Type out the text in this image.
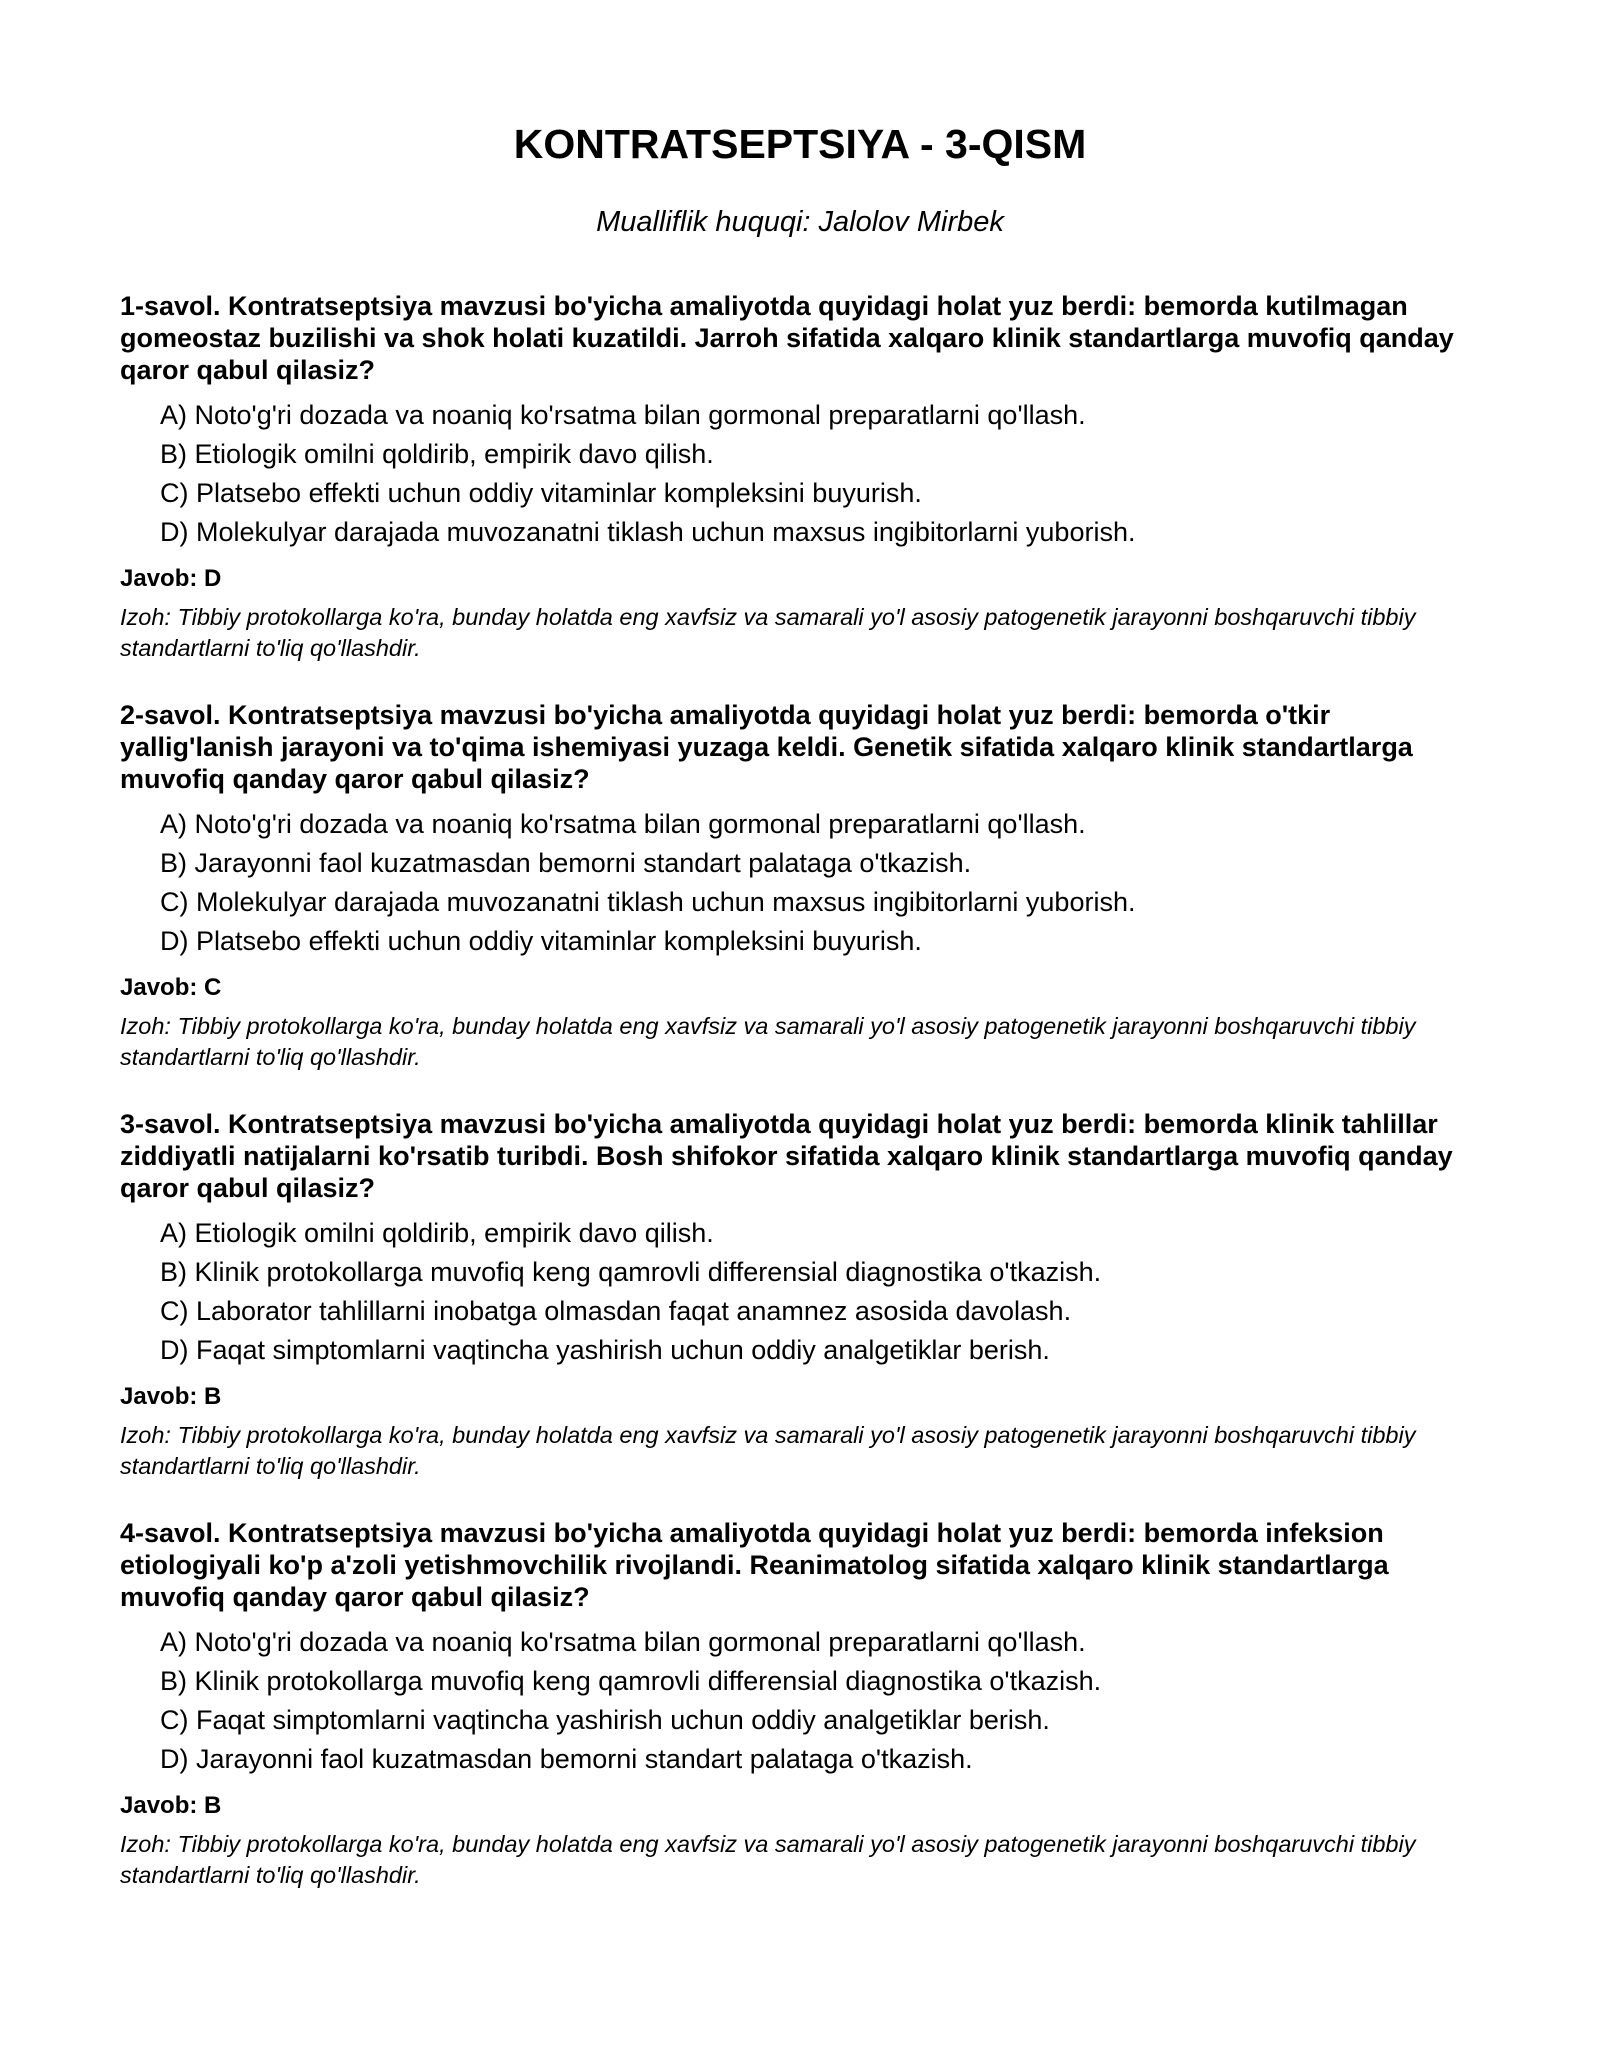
KONTRATSEPTSIYA - 3-QISM
Mualliflik huquqi: Jalolov Mirbek

1-savol. Kontratseptsiya mavzusi bo'yicha amaliyotda quyidagi holat yuz berdi: bemorda kutilmagan gomeostaz buzilishi va shok holati kuzatildi. Jarroh sifatida xalqaro klinik standartlarga muvofiq qanday qaror qabul qilasiz?

A) Noto'g'ri dozada va noaniq ko'rsatma bilan gormonal preparatlarni qo'llash.
B) Etiologik omilni qoldirib, empirik davo qilish.
C) Platsebo effekti uchun oddiy vitaminlar kompleksini buyurish.
D) Molekulyar darajada muvozanatni tiklash uchun maxsus ingibitorlarni yuborish.
Javob: D
Izoh: Tibbiy protokollarga ko'ra, bunday holatda eng xavfsiz va samarali yo'l asosiy patogenetik jarayonni boshqaruvchi tibbiy standartlarni to'liq qo'llashdir.

2-savol. Kontratseptsiya mavzusi bo'yicha amaliyotda quyidagi holat yuz berdi: bemorda o'tkir yallig'lanish jarayoni va to'qima ishemiyasi yuzaga keldi. Genetik sifatida xalqaro klinik standartlarga muvofiq qanday qaror qabul qilasiz?

A) Noto'g'ri dozada va noaniq ko'rsatma bilan gormonal preparatlarni qo'llash.
B) Jarayonni faol kuzatmasdan bemorni standart palataga o'tkazish.
C) Molekulyar darajada muvozanatni tiklash uchun maxsus ingibitorlarni yuborish.
D) Platsebo effekti uchun oddiy vitaminlar kompleksini buyurish.
Javob: C
Izoh: Tibbiy protokollarga ko'ra, bunday holatda eng xavfsiz va samarali yo'l asosiy patogenetik jarayonni boshqaruvchi tibbiy standartlarni to'liq qo'llashdir.

3-savol. Kontratseptsiya mavzusi bo'yicha amaliyotda quyidagi holat yuz berdi: bemorda klinik tahlillar ziddiyatli natijalarni ko'rsatib turibdi. Bosh shifokor sifatida xalqaro klinik standartlarga muvofiq qanday qaror qabul qilasiz?

A) Etiologik omilni qoldirib, empirik davo qilish.
B) Klinik protokollarga muvofiq keng qamrovli differensial diagnostika o'tkazish.
C) Laborator tahlillarni inobatga olmasdan faqat anamnez asosida davolash.
D) Faqat simptomlarni vaqtincha yashirish uchun oddiy analgetiklar berish.
Javob: B
Izoh: Tibbiy protokollarga ko'ra, bunday holatda eng xavfsiz va samarali yo'l asosiy patogenetik jarayonni boshqaruvchi tibbiy standartlarni to'liq qo'llashdir.

4-savol. Kontratseptsiya mavzusi bo'yicha amaliyotda quyidagi holat yuz berdi: bemorda infeksion etiologiyali ko'p a'zoli yetishmovchilik rivojlandi. Reanimatolog sifatida xalqaro klinik standartlarga muvofiq qanday qaror qabul qilasiz?

A) Noto'g'ri dozada va noaniq ko'rsatma bilan gormonal preparatlarni qo'llash.
B) Klinik protokollarga muvofiq keng qamrovli differensial diagnostika o'tkazish.
C) Faqat simptomlarni vaqtincha yashirish uchun oddiy analgetiklar berish.
D) Jarayonni faol kuzatmasdan bemorni standart palataga o'tkazish.
Javob: B
Izoh: Tibbiy protokollarga ko'ra, bunday holatda eng xavfsiz va samarali yo'l asosiy patogenetik jarayonni boshqaruvchi tibbiy standartlarni to'liq qo'llashdir.
